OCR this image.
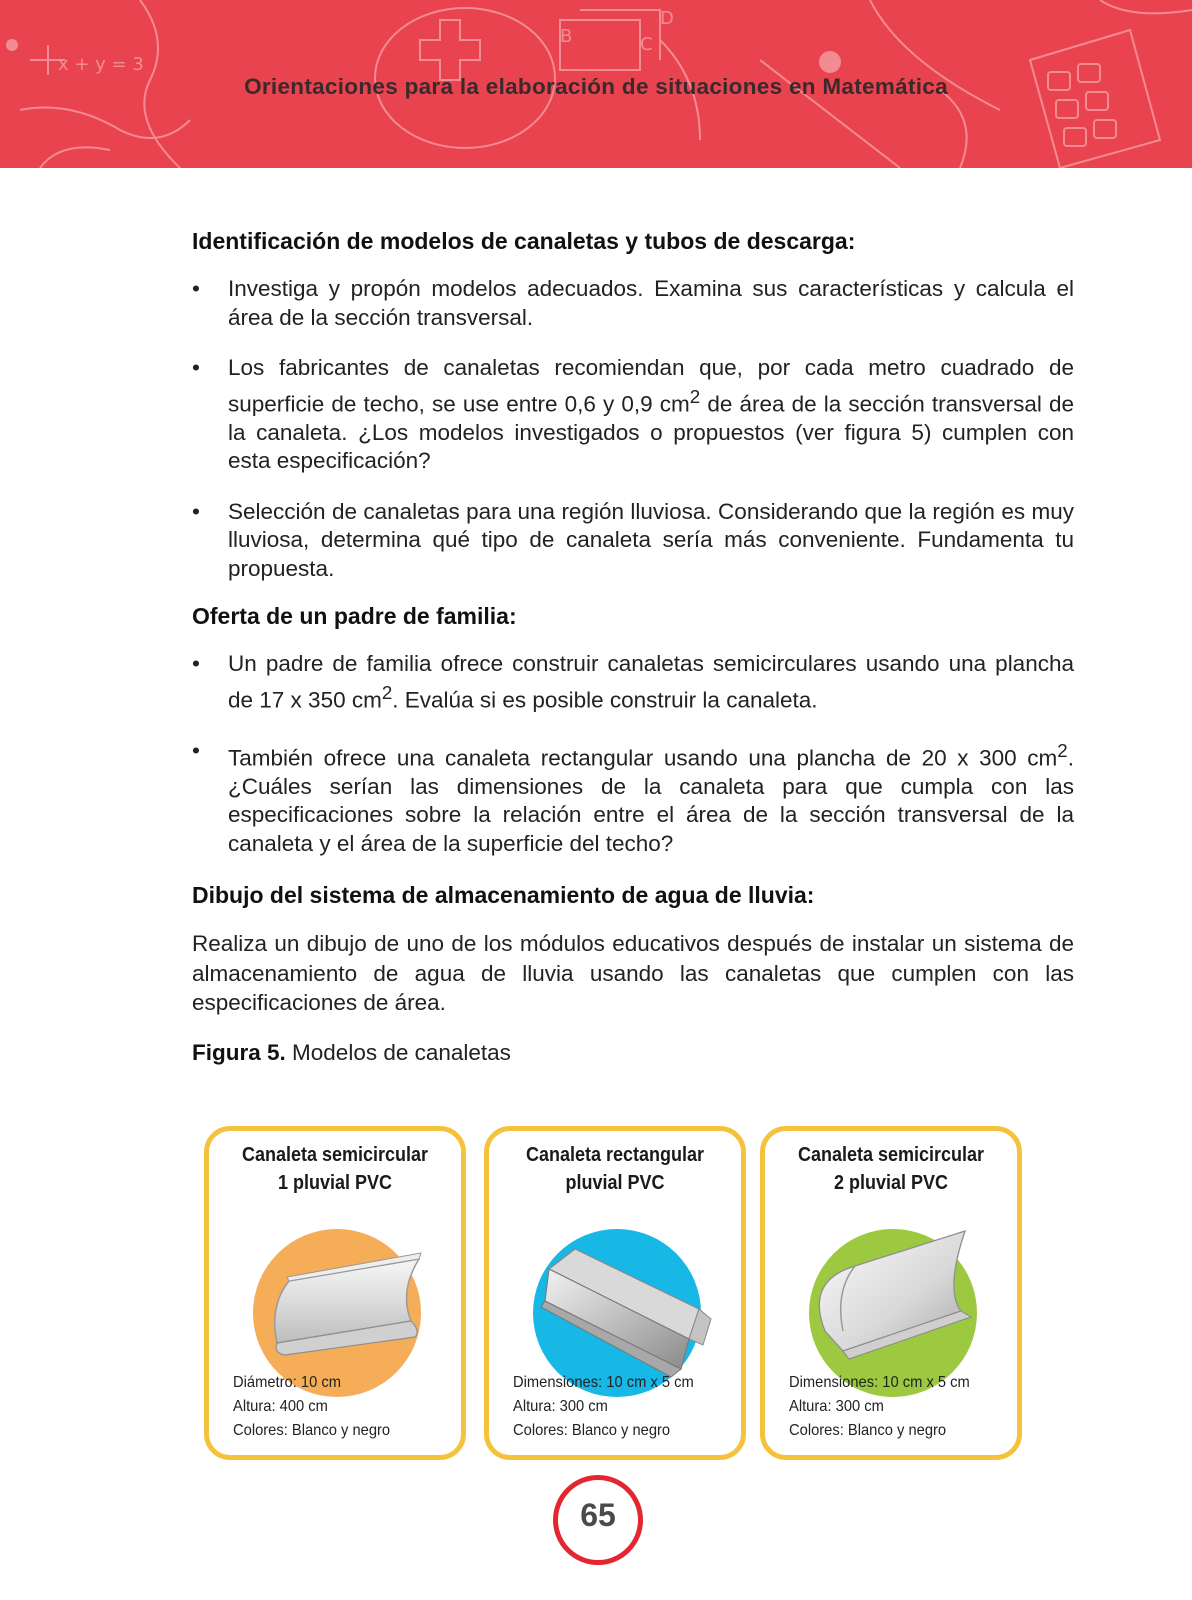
x + y = 3
B	C
D
Orientaciones para la elaboración de situaciones en Matemática
Identificación de modelos de canaletas y tubos de descarga:
• Investiga y propón modelos adecuados. Examina sus características y calcula el área de la sección transversal.
• Los fabricantes de canaletas recomiendan que, por cada metro cuadrado de superficie de techo, se use entre 0,6 y 0,9 $cm^2$ de área de la sección transversal de la canaleta. ¿Los modelos investigados o propuestos (ver figura 5) cumplen con esta especificación?
• Selección de canaletas para una región lluviosa. Considerando que la región es muy lluviosa, determina qué tipo de canaleta sería más conveniente. Fundamenta tu propuesta.
Oferta de un padre de familia:
• Un padre de familia ofrece construir canaletas semicirculares usando una plancha de 17 x 350 $cm^2$. Evalúa si es posible construir la canaleta.
• También ofrece una canaleta rectangular usando una plancha de 20 x 300 $cm^2$. ¿Cuáles serían las dimensiones de la canaleta para que cumpla con las especificaciones sobre la relación entre el área de la sección transversal de la canaleta y el área de la superficie del techo?
Dibujo del sistema de almacenamiento de agua de lluvia:

Realiza un dibujo de uno de los módulos educativos después de instalar un sistema de almacenamiento de agua de lluvia usando las canaletas que cumplen con las especificaciones de área.

Figura 5. Modelos de canaletas

Canaleta semicircular
1 pluvial PVC
Diámetro: 10 cm
Altura: 400 cm
Colores: Blanco y negro
Canaleta rectangular
pluvial PVC
Dimensiones: 10 cm x 5 cm
Altura: 300 cm
Colores: Blanco y negro
Canaleta semicircular
2 pluvial PVC
Dimensiones: 10 cm x 5 cm
Altura: 300 cm
Colores: Blanco y negro
65
